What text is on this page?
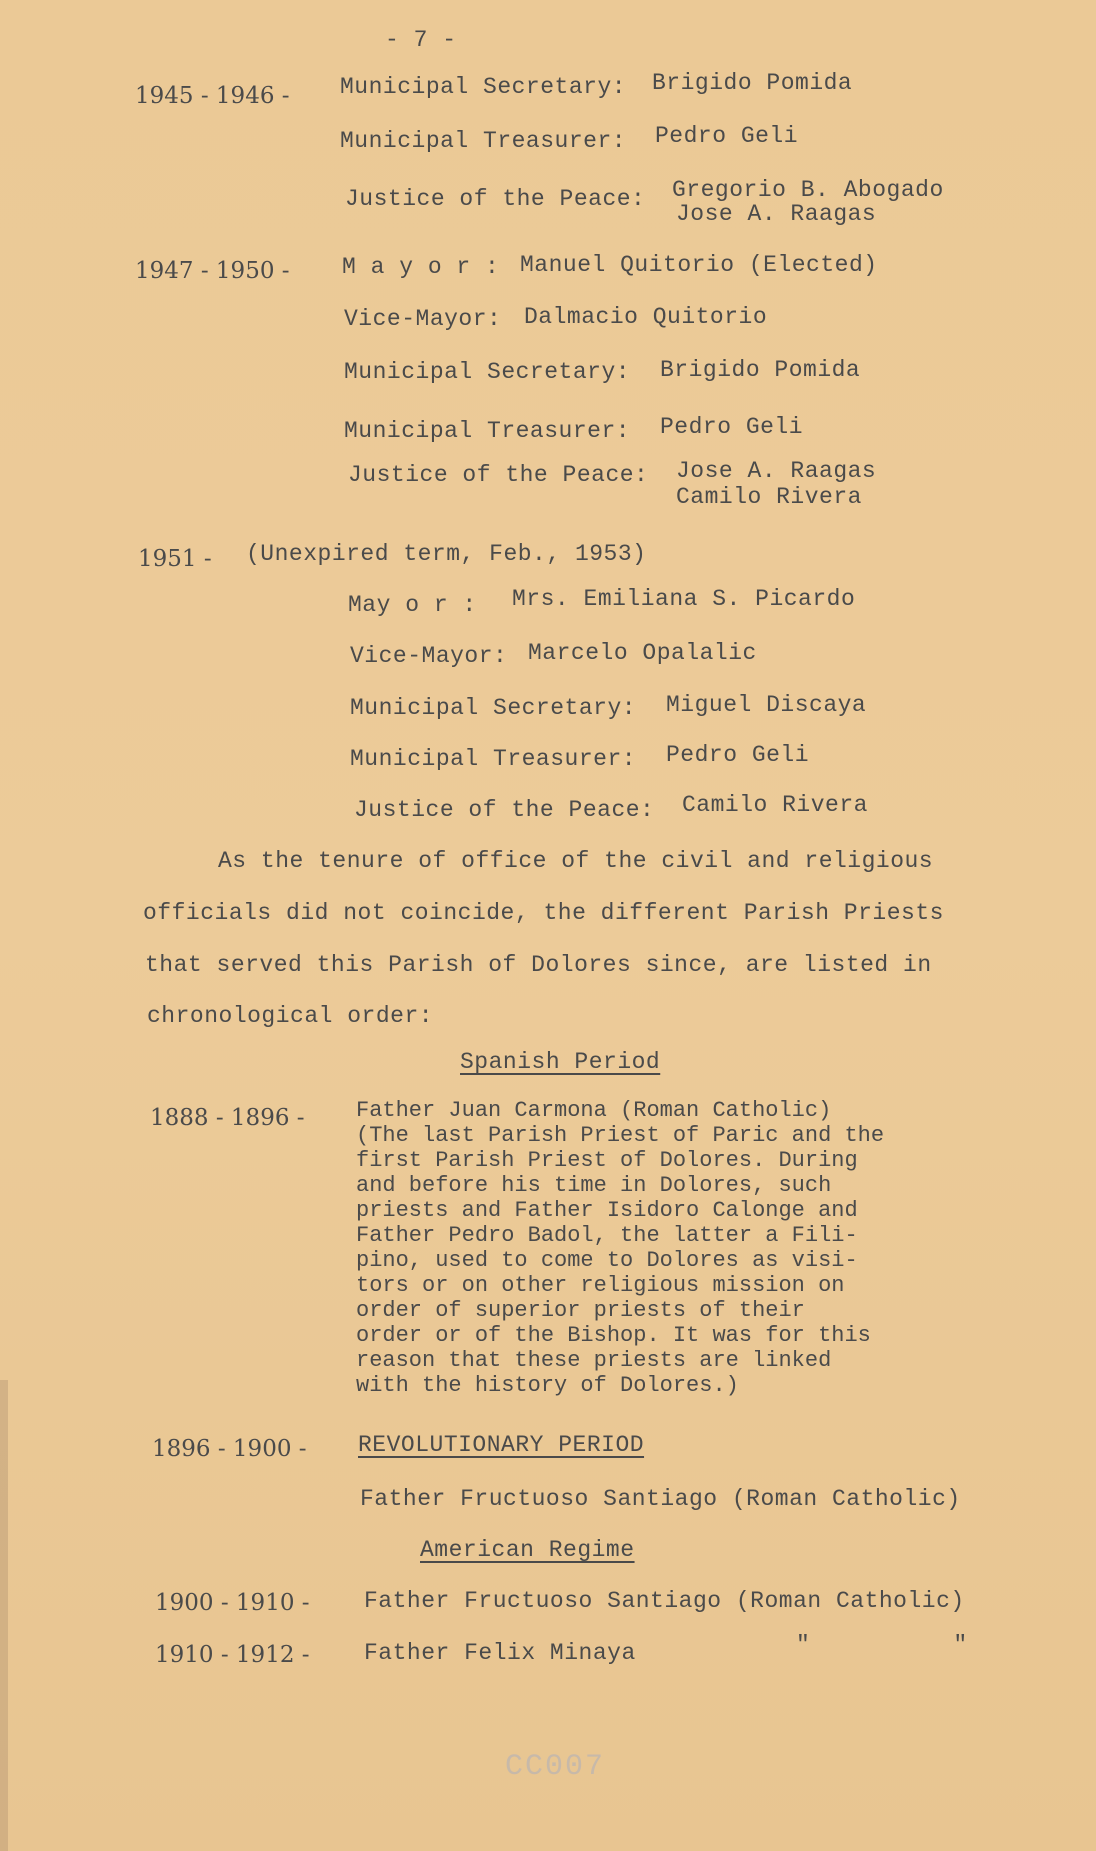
- 7 -
1945 - 1946 - Municipal Secretary: Brigido Pomida
Municipal Treasurer: Pedro Geli
Justice of the Peace: Gregorio B. Abogado
Jose A. Raagas
1947 - 1950 - M a y o r : Manuel Quitorio (Elected)
Vice-Mayor: Dalmacio Quitorio
Municipal Secretary: Brigido Pomida
Municipal Treasurer: Pedro Geli
Justice of the Peace: Jose A. Raagas
Camilo Rivera
1951 - (Unexpired term, Feb., 1953)
May o r : Mrs. Emiliana S. Picardo
Vice-Mayor: Marcelo Opalalic
Municipal Secretary: Miguel Discaya
Municipal Treasurer: Pedro Geli
Justice of the Peace: Camilo Rivera
As the tenure of office of the civil and religious
officials did not coincide, the different Parish Priests
that served this Parish of Dolores since, are listed in
chronological order:
Spanish Period
1888 - 1896 - Father Juan Carmona (Roman Catholic)
(The last Parish Priest of Paric and the
first Parish Priest of Dolores. During
and before his time in Dolores, such
priests and Father Isidoro Calonge and
Father Pedro Badol, the latter a Fili-
pino, used to come to Dolores as visi-
tors or on other religious mission on
order of superior priests of their
order or of the Bishop. It was for this
reason that these priests are linked
with the history of Dolores.)
1896 - 1900 - REVOLUTIONARY PERIOD
Father Fructuoso Santiago (Roman Catholic)
American Regime
1900 - 1910 - Father Fructuoso Santiago (Roman Catholic)
1910 - 1912 - Father Felix Minaya	"          "
CC007
